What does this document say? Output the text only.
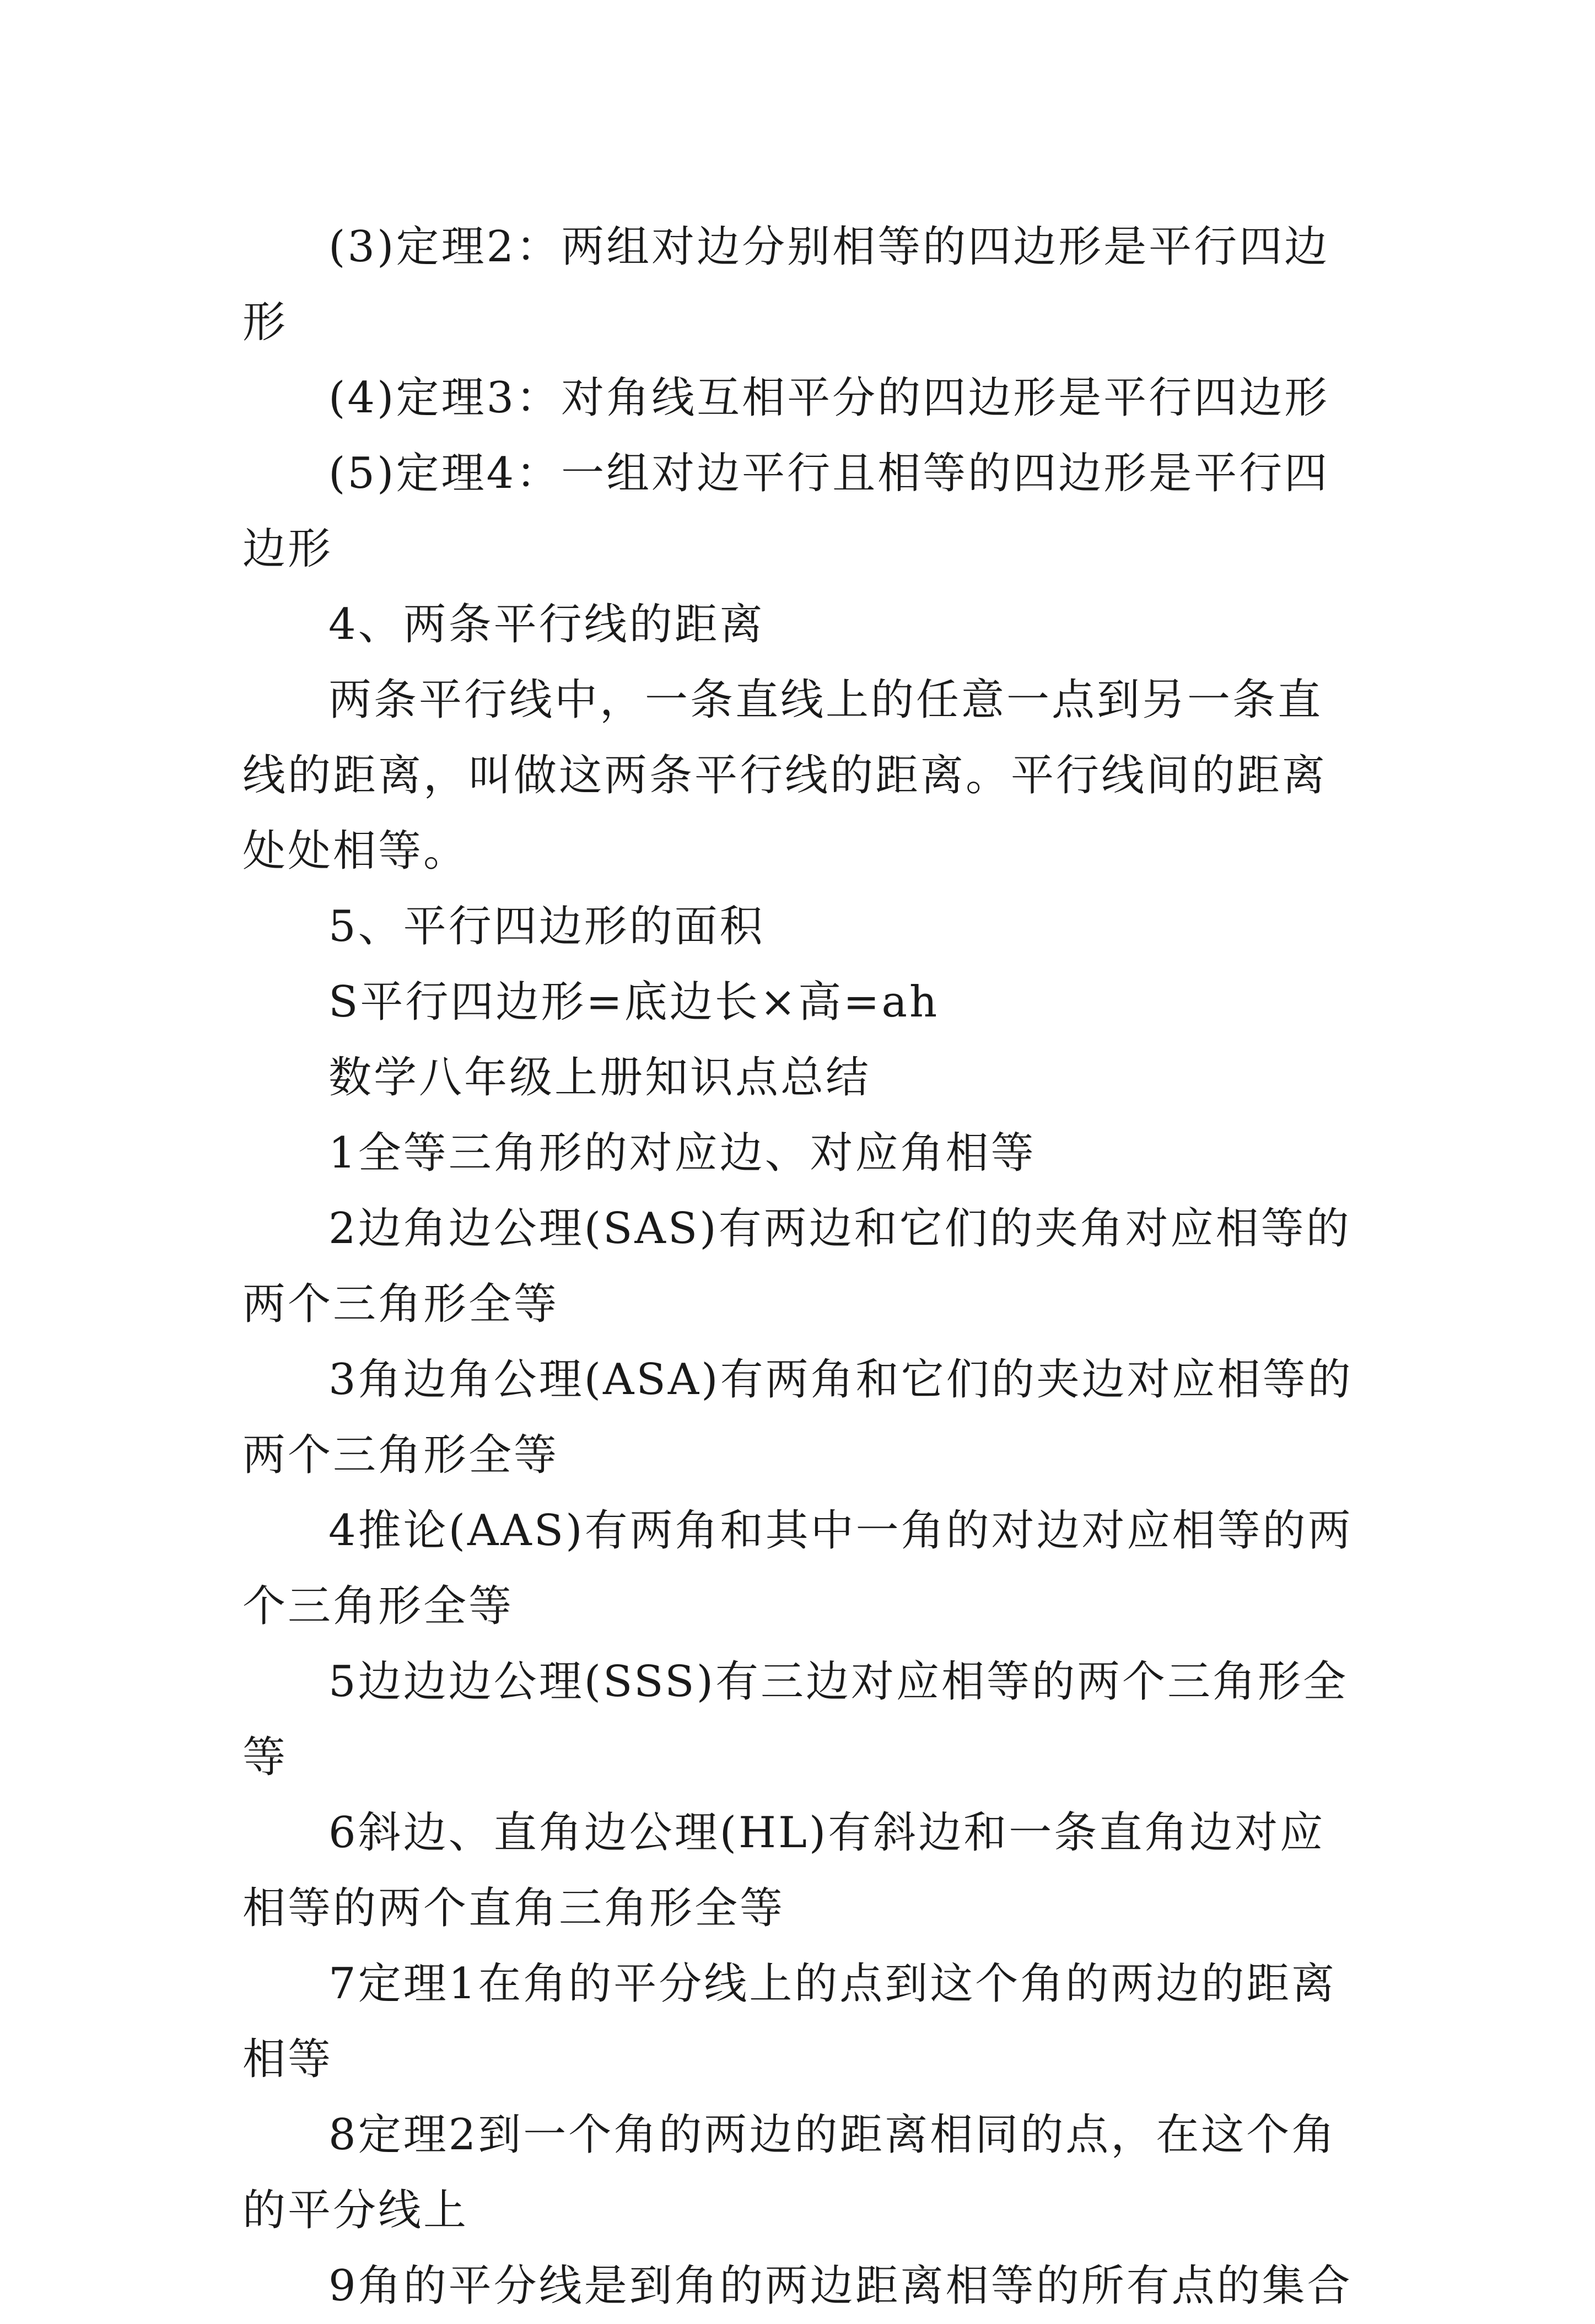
(3)定理2：两组对边分别相等的四边形是平行四边形

(4)定理3：对角线互相平分的四边形是平行四边形

(5)定理4：一组对边平行且相等的四边形是平行四边形

4、两条平行线的距离

两条平行线中，一条直线上的任意一点到另一条直线的距离，叫做这两条平行线的距离。平行线间的距离处处相等。

5、平行四边形的面积

S平行四边形=底边长×高=ah

数学八年级上册知识点总结

1全等三角形的对应边、对应角相等

2边角边公理(SAS)有两边和它们的夹角对应相等的两个三角形全等

3角边角公理(ASA)有两角和它们的夹边对应相等的两个三角形全等

4推论(AAS)有两角和其中一角的对边对应相等的两个三角形全等

5边边边公理(SSS)有三边对应相等的两个三角形全等

6斜边、直角边公理(HL)有斜边和一条直角边对应相等的两个直角三角形全等

7定理1在角的平分线上的点到这个角的两边的距离相等

8定理2到一个角的两边的距离相同的点，在这个角的平分线上

9角的平分线是到角的两边距离相等的所有点的集合
